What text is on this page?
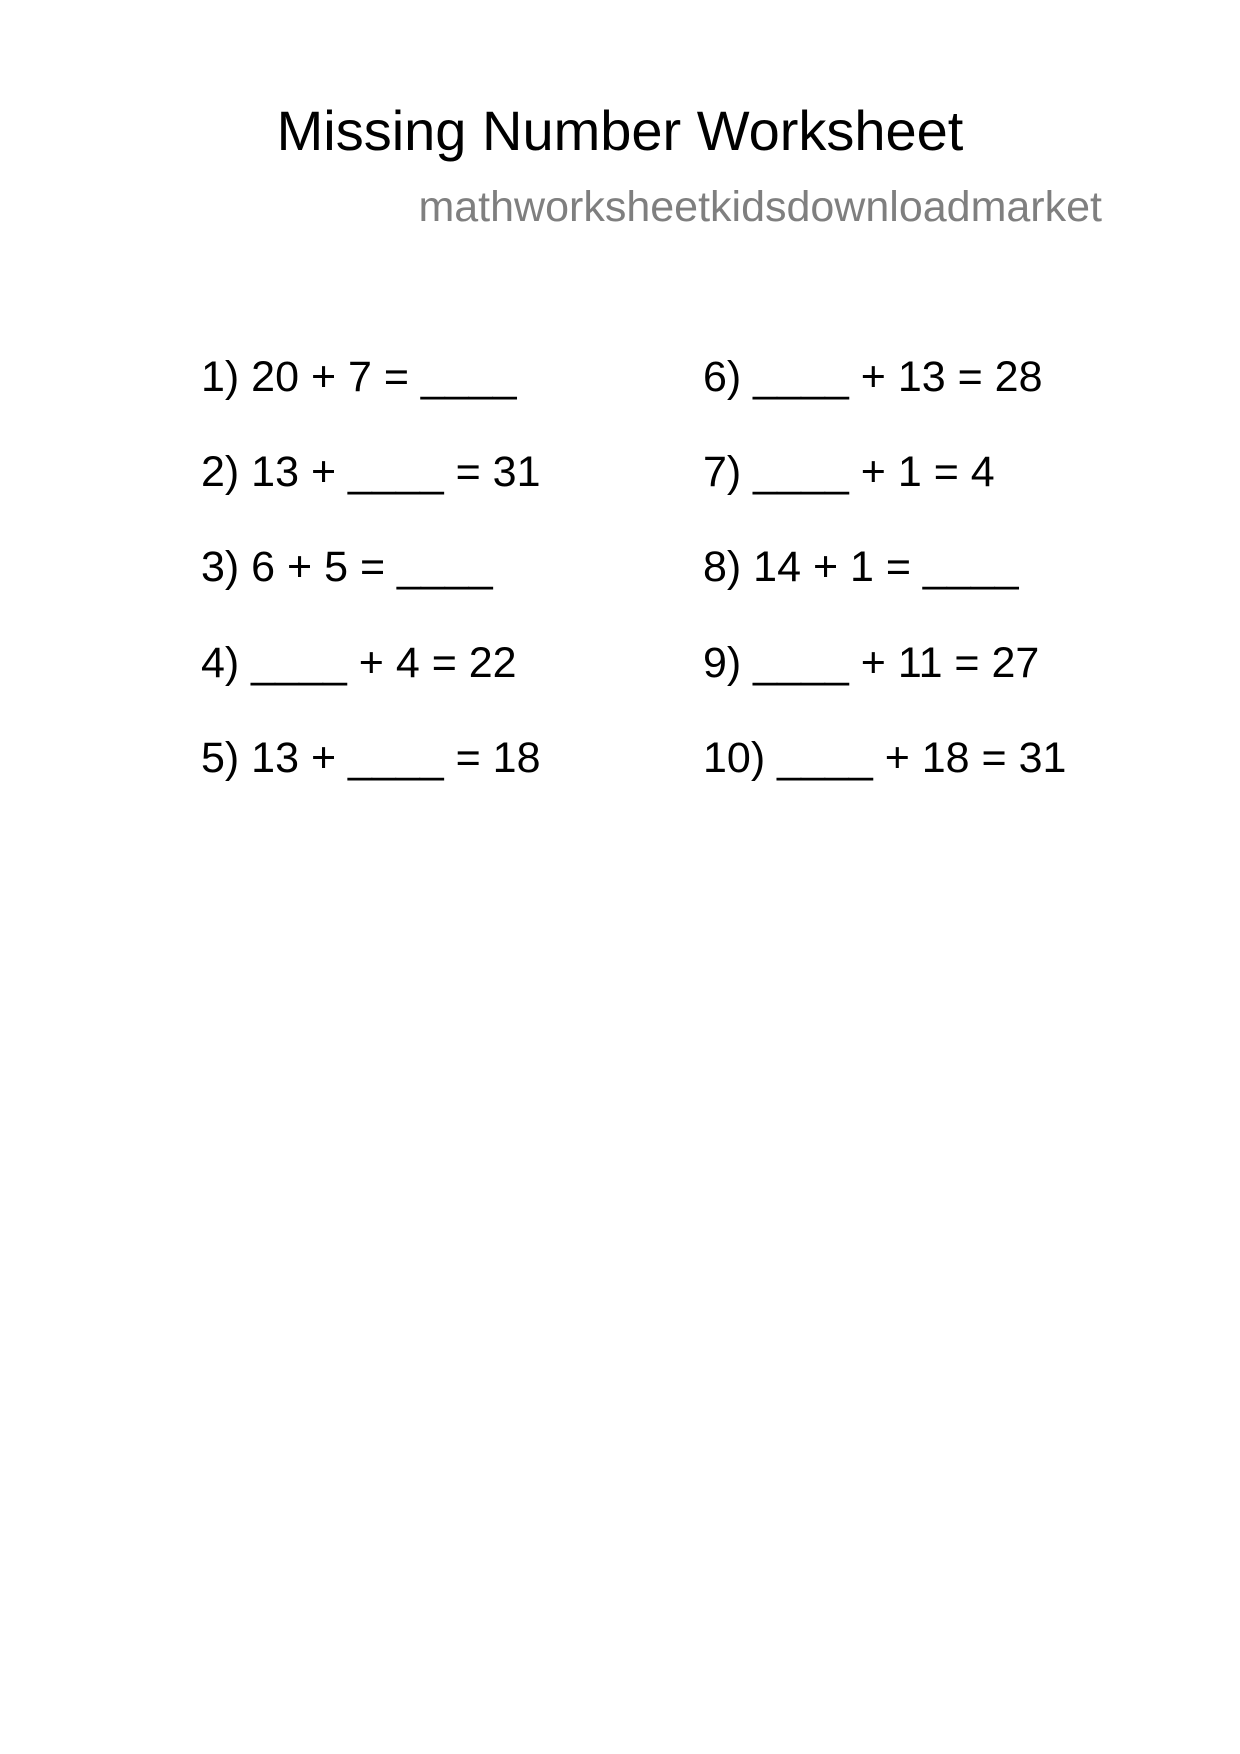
Missing Number Worksheet

mathworksheetkidsdownloadmarket

1) 20 + 7 = ____

2) 13 + ____ = 31

3) 6 + 5 = ____

4) ____ + 4 = 22

5) 13 + ____ = 18

6) ____ + 13 = 28

7) ____ + 1 = 4

8) 14 + 1 = ____

9) ____ + 11 = 27

10) ____ + 18 = 31
